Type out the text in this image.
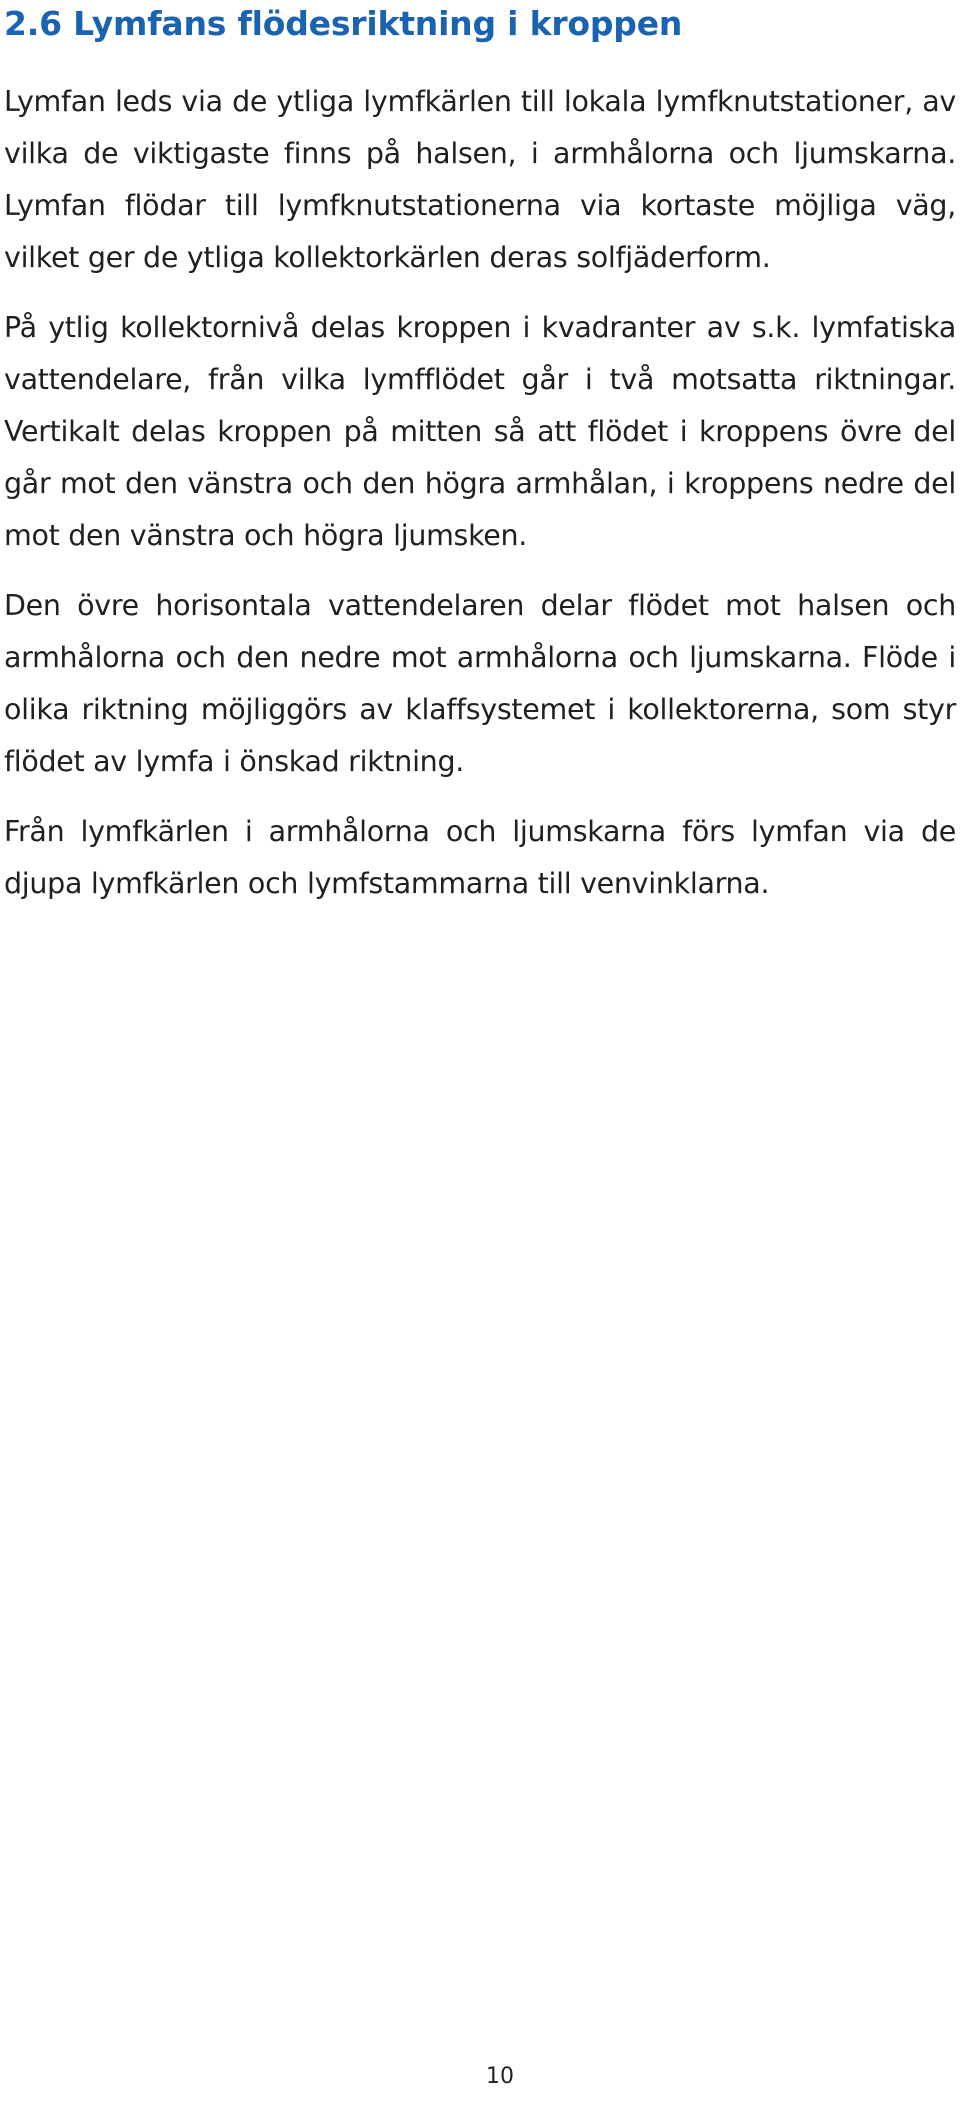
2.6 Lymfans flödesriktning i kroppen

Lymfan leds via de ytliga lymfkärlen till lokala lymfknutstationer, av vilka de viktigaste finns på halsen, i armhålorna och ljumskarna. Lymfan flödar till lymfknutstationerna via kortaste möjliga väg, vilket ger de ytliga kollektorkärlen deras solfjäderform.

På ytlig kollektornivå delas kroppen i kvadranter av s.k. lymfatiska vattendelare, från vilka lymfflödet går i två motsatta riktningar. Vertikalt delas kroppen på mitten så att flödet i kroppens övre del går mot den vänstra och den högra armhålan, i kroppens nedre del mot den vänstra och högra ljumsken.

Den övre horisontala vattendelaren delar flödet mot halsen och armhålorna och den nedre mot armhålorna och ljumskarna. Flöde i olika riktning möjliggörs av klaffsystemet i kollektorerna, som styr flödet av lymfa i önskad riktning.

Från lymfkärlen i armhålorna och ljumskarna förs lymfan via de djupa lymfkärlen och lymfstammarna till venvinklarna.

10
